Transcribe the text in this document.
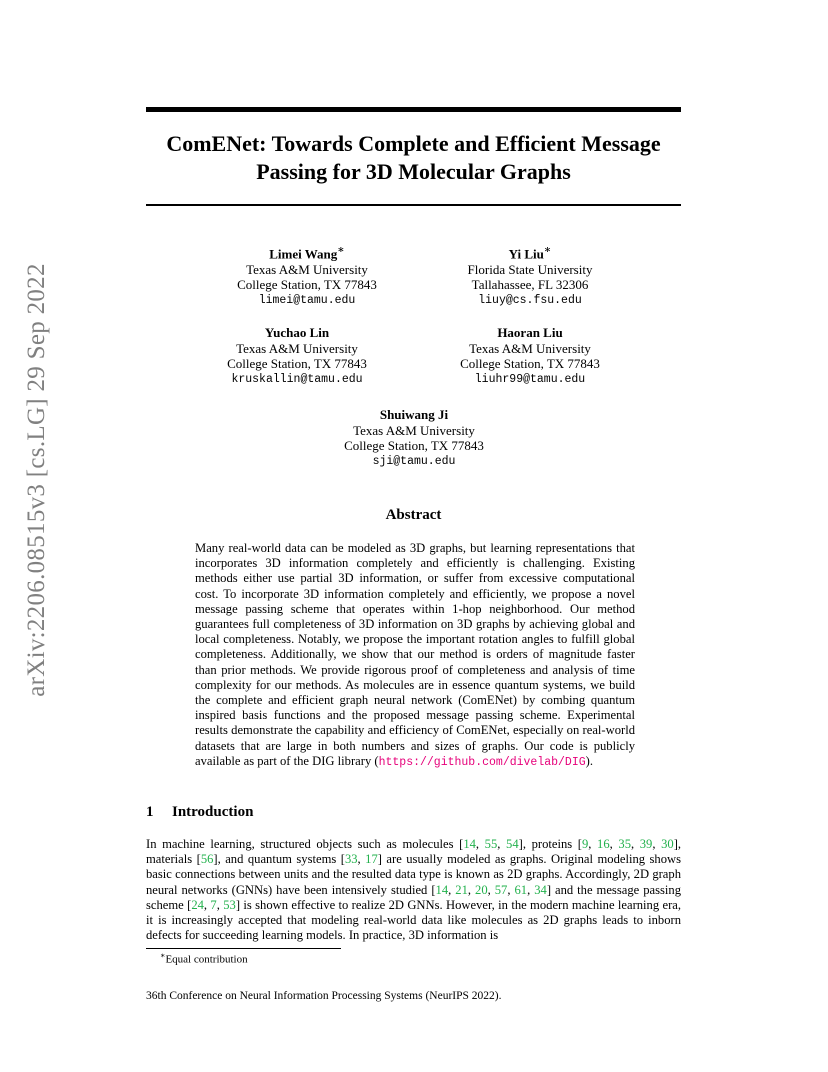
arXiv:2206.08515v3 [cs.LG] 29 Sep 2022
ComENet: Towards Complete and Efficient Message
Passing for 3D Molecular Graphs
Limei Wang∗
Texas A&M University
College Station, TX 77843
limei@tamu.edu
Yi Liu∗
Florida State University
Tallahassee, FL 32306
liuy@cs.fsu.edu
Yuchao Lin
Texas A&M University
College Station, TX 77843
kruskallin@tamu.edu
Haoran Liu
Texas A&M University
College Station, TX 77843
liuhr99@tamu.edu
Shuiwang Ji
Texas A&M University
College Station, TX 77843
sji@tamu.edu
Abstract
Many real-world data can be modeled as 3D graphs, but learning representations that incorporates 3D information completely and efficiently is challenging. Existing methods either use partial 3D information, or suffer from excessive computational cost. To incorporate 3D information completely and efficiently, we propose a novel message passing scheme that operates within 1-hop neighborhood. Our method guarantees full completeness of 3D information on 3D graphs by achieving global and local completeness. Notably, we propose the important rotation angles to fulfill global completeness. Additionally, we show that our method is orders of magnitude faster than prior methods. We provide rigorous proof of completeness and analysis of time complexity for our methods. As molecules are in essence quantum systems, we build the complete and efficient graph neural network (ComENet) by combing quantum inspired basis functions and the proposed message passing scheme. Experimental results demonstrate the capability and efficiency of ComENet, especially on real-world datasets that are large in both numbers and sizes of graphs. Our code is publicly available as part of the DIG library (https://github.com/divelab/DIG).
1 Introduction
In machine learning, structured objects such as molecules [14, 55, 54], proteins [9, 16, 35, 39, 30], materials [56], and quantum systems [33, 17] are usually modeled as graphs. Original modeling shows basic connections between units and the resulted data type is known as 2D graphs. Accordingly, 2D graph neural networks (GNNs) have been intensively studied [14, 21, 20, 57, 61, 34] and the message passing scheme [24, 7, 53] is shown effective to realize 2D GNNs. However, in the modern machine learning era, it is increasingly accepted that modeling real-world data like molecules as 2D graphs leads to inborn defects for succeeding learning models. In practice, 3D information is
∗Equal contribution
36th Conference on Neural Information Processing Systems (NeurIPS 2022).
